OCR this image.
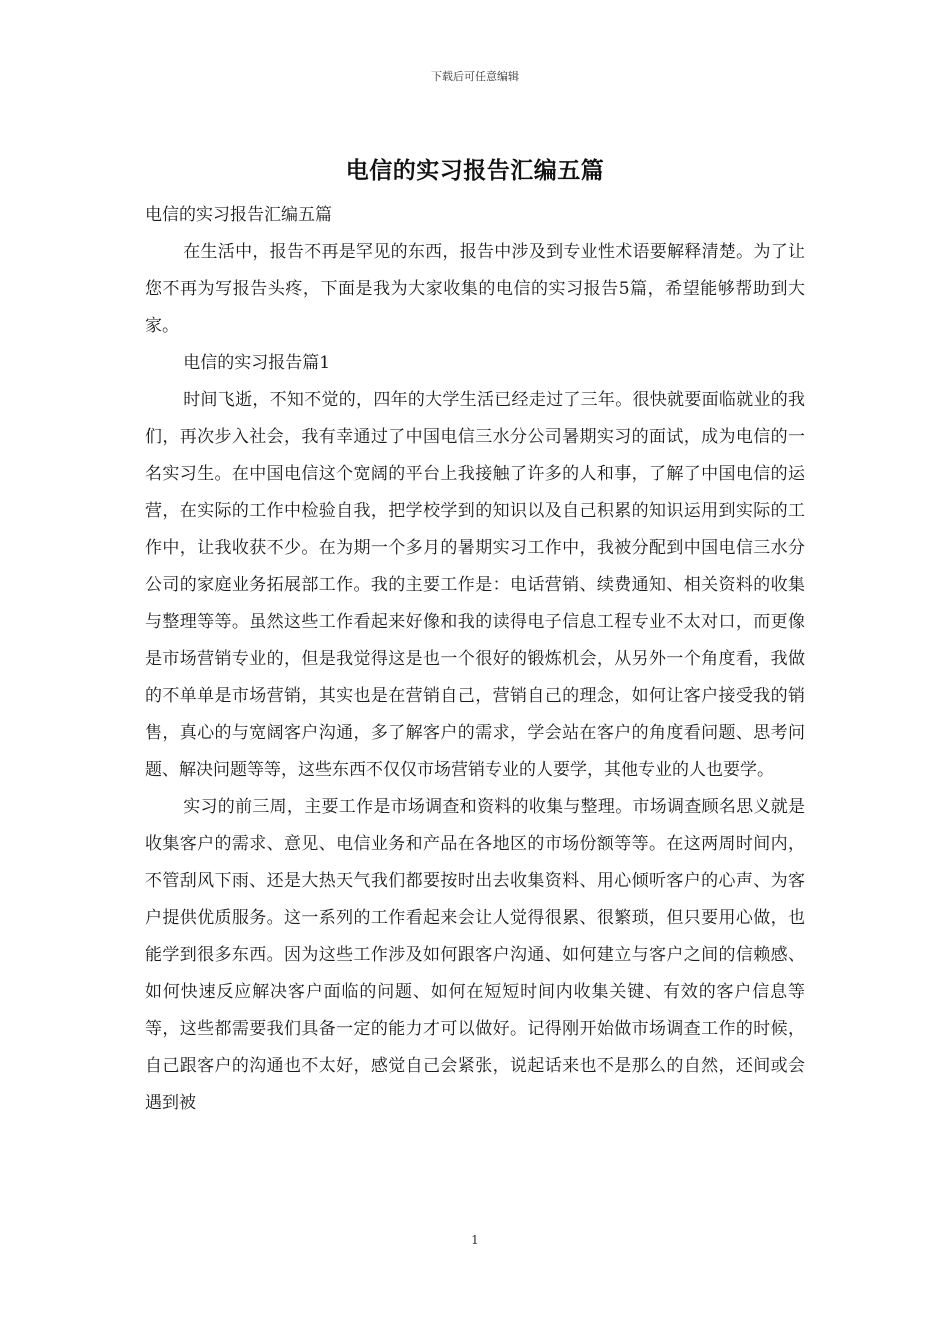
下载后可任意编辑
电信的实习报告汇编五篇

电信的实习报告汇编五篇

在生活中，报告不再是罕见的东西，报告中涉及到专业性术语要解释清楚。为了让您不再为写报告头疼，下面是我为大家收集的电信的实习报告5篇，希望能够帮助到大家。

电信的实习报告篇1

时间飞逝，不知不觉的，四年的大学生活已经走过了三年。很快就要面临就业的我们，再次步入社会，我有幸通过了中国电信三水分公司暑期实习的面试，成为电信的一名实习生。在中国电信这个宽阔的平台上我接触了许多的人和事，了解了中国电信的运营，在实际的工作中检验自我，把学校学到的知识以及自己积累的知识运用到实际的工作中，让我收获不少。在为期一个多月的暑期实习工作中，我被分配到中国电信三水分公司的家庭业务拓展部工作。我的主要工作是：电话营销、续费通知、相关资料的收集与整理等等。虽然这些工作看起来好像和我的读得电子信息工程专业不太对口，而更像是市场营销专业的，但是我觉得这是也一个很好的锻炼机会，从另外一个角度看，我做的不单单是市场营销，其实也是在营销自己，营销自己的理念，如何让客户接受我的销售，真心的与宽阔客户沟通，多了解客户的需求，学会站在客户的角度看问题、思考问题、解决问题等等，这些东西不仅仅市场营销专业的人要学，其他专业的人也要学。

实习的前三周，主要工作是市场调查和资料的收集与整理。市场调查顾名思义就是收集客户的需求、意见、电信业务和产品在各地区的市场份额等等。在这两周时间内，不管刮风下雨、还是大热天气我们都要按时出去收集资料、用心倾听客户的心声、为客户提供优质服务。这一系列的工作看起来会让人觉得很累、很繁琐，但只要用心做，也能学到很多东西。因为这些工作涉及如何跟客户沟通、如何建立与客户之间的信赖感、如何快速反应解决客户面临的问题、如何在短短时间内收集关键、有效的客户信息等等，这些都需要我们具备一定的能力才可以做好。记得刚开始做市场调查工作的时候，自己跟客户的沟通也不太好，感觉自己会紧张，说起话来也不是那么的自然，还间或会遇到被

1
